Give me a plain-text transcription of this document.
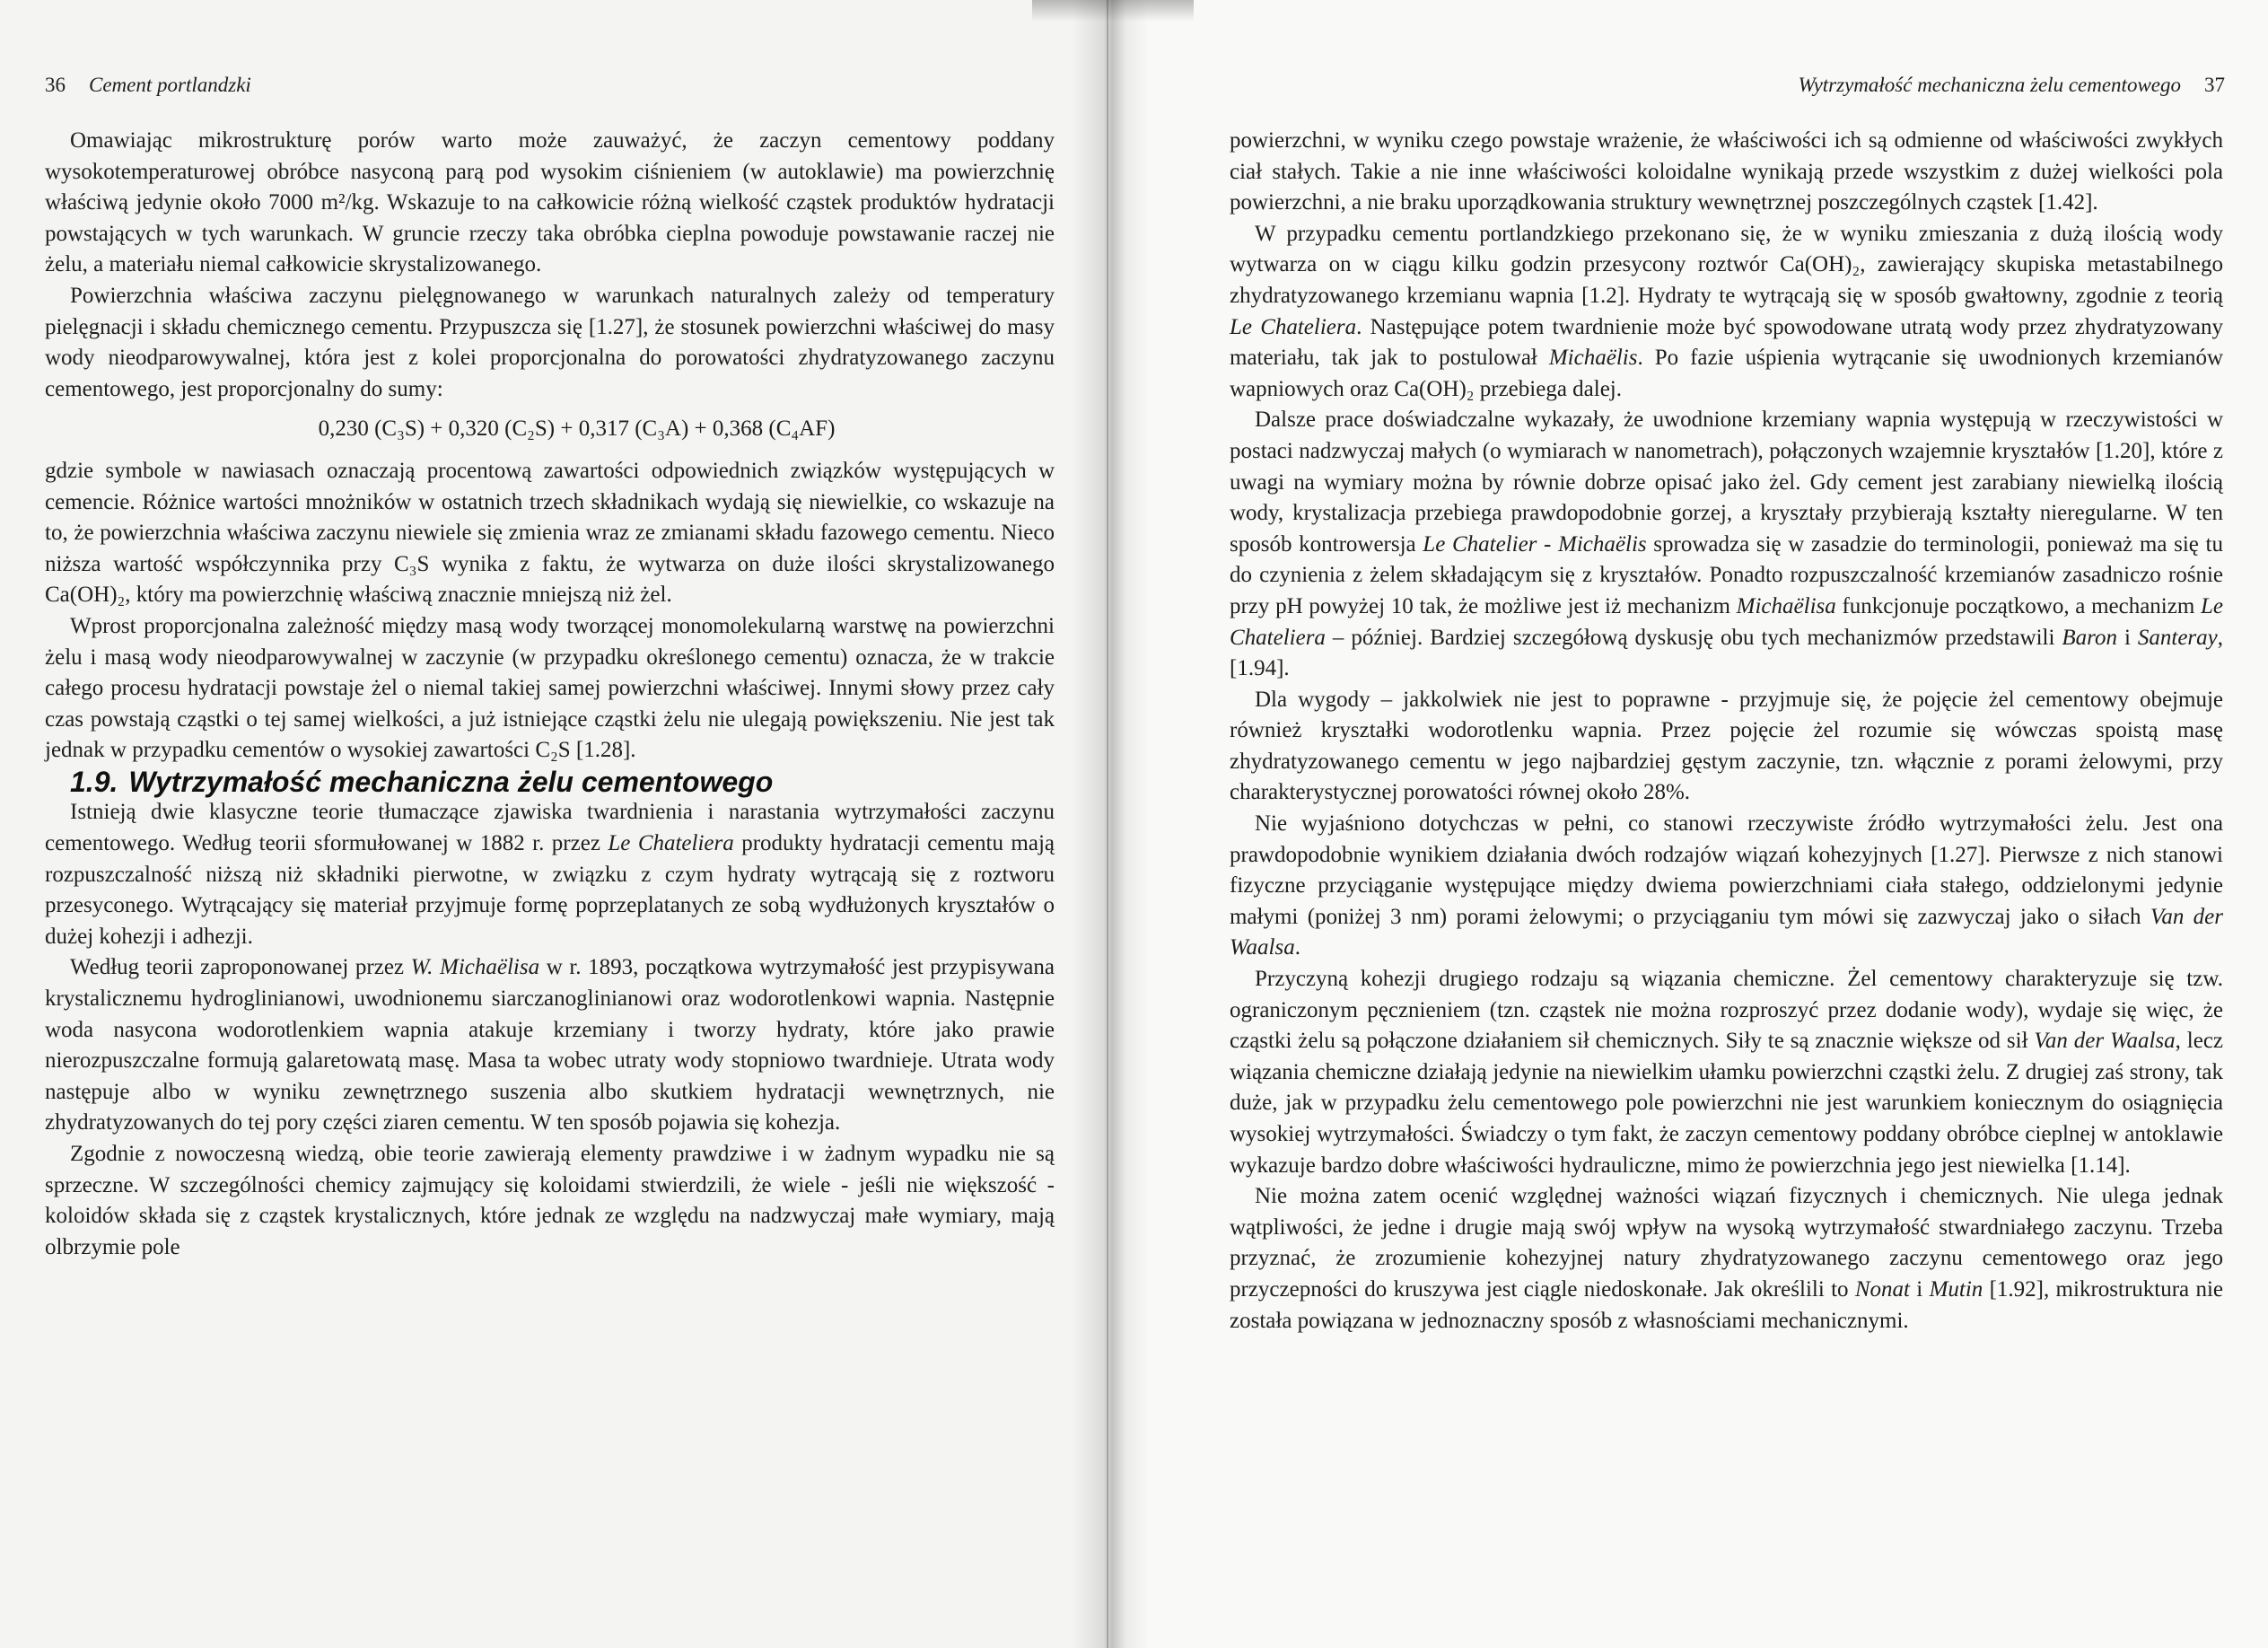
36 Cement portlandzki

Omawiając mikrostrukturę porów warto może zauważyć, że zaczyn cementowy poddany wysokotemperaturowej obróbce nasyconą parą pod wysokim ciśnieniem (w autoklawie) ma powierzchnię właściwą jedynie około 7000 m²/kg. Wskazuje to na całkowicie różną wielkość cząstek produktów hydratacji powstających w tych warunkach. W gruncie rzeczy taka obróbka cieplna powoduje powstawanie raczej nie żelu, a materiału niemal całkowicie skrystalizowanego.

Powierzchnia właściwa zaczynu pielęgnowanego w warunkach naturalnych zależy od temperatury pielęgnacji i składu chemicznego cementu. Przypuszcza się [1.27], że stosunek powierzchni właściwej do masy wody nieodparowywalnej, która jest z kolei proporcjonalna do porowatości zhydratyzowanego zaczynu cementowego, jest proporcjonalny do sumy:

0,230 (C₃S) + 0,320 (C₂S) + 0,317 (C₃A) + 0,368 (C₄AF)

gdzie symbole w nawiasach oznaczają procentową zawartości odpowiednich związków występujących w cemencie. Różnice wartości mnożników w ostatnich trzech składnikach wydają się niewielkie, co wskazuje na to, że powierzchnia właściwa zaczynu niewiele się zmienia wraz ze zmianami składu fazowego cementu. Nieco niższa wartość współczynnika przy C₃S wynika z faktu, że wytwarza on duże ilości skrystalizowanego Ca(OH)₂, który ma powierzchnię właściwą znacznie mniejszą niż żel.

Wprost proporcjonalna zależność między masą wody tworzącej monomolekularną warstwę na powierzchni żelu i masą wody nieodparowywalnej w zaczynie (w przypadku określonego cementu) oznacza, że w trakcie całego procesu hydratacji powstaje żel o niemal takiej samej powierzchni właściwej. Innymi słowy przez cały czas powstają cząstki o tej samej wielkości, a już istniejące cząstki żelu nie ulegają powiększeniu. Nie jest tak jednak w przypadku cementów o wysokiej zawartości C₂S [1.28].

1.9. Wytrzymałość mechaniczna żelu cementowego

Istnieją dwie klasyczne teorie tłumaczące zjawiska twardnienia i narastania wytrzymałości zaczynu cementowego. Według teorii sformułowanej w 1882 r. przez Le Chateliera produkty hydratacji cementu mają rozpuszczalność niższą niż składniki pierwotne, w związku z czym hydraty wytrącają się z roztworu przesyconego. Wytrącający się materiał przyjmuje formę poprzeplatanych ze sobą wydłużonych kryształów o dużej kohezji i adhezji.

Według teorii zaproponowanej przez W. Michaëlisa w r. 1893, początkowa wytrzymałość jest przypisywana krystalicznemu hydroglinianowi, uwodnionemu siarczanoglinianowi oraz wodorotlenkowi wapnia. Następnie woda nasycona wodorotlenkiem wapnia atakuje krzemiany i tworzy hydraty, które jako prawie nierozpuszczalne formują galaretowatą masę. Masa ta wobec utraty wody stopniowo twardnieje. Utrata wody następuje albo w wyniku zewnętrznego suszenia albo skutkiem hydratacji wewnętrznych, nie zhydratyzowanych do tej pory części ziaren cementu. W ten sposób pojawia się kohezja.

Zgodnie z nowoczesną wiedzą, obie teorie zawierają elementy prawdziwe i w żadnym wypadku nie są sprzeczne. W szczególności chemicy zajmujący się koloidami stwierdzili, że wiele - jeśli nie większość - koloidów składa się z cząstek krystalicznych, które jednak ze względu na nadzwyczaj małe wymiary, mają olbrzymie pole

Wytrzymałość mechaniczna żelu cementowego 37

powierzchni, w wyniku czego powstaje wrażenie, że właściwości ich są odmienne od właściwości zwykłych ciał stałych. Takie a nie inne właściwości koloidalne wynikają przede wszystkim z dużej wielkości pola powierzchni, a nie braku uporządkowania struktury wewnętrznej poszczególnych cząstek [1.42].

W przypadku cementu portlandzkiego przekonano się, że w wyniku zmieszania z dużą ilością wody wytwarza on w ciągu kilku godzin przesycony roztwór Ca(OH)₂, zawierający skupiska metastabilnego zhydratyzowanego krzemianu wapnia [1.2]. Hydraty te wytrącają się w sposób gwałtowny, zgodnie z teorią Le Chateliera. Następujące potem twardnienie może być spowodowane utratą wody przez zhydratyzowany materiału, tak jak to postulował Michaëlis. Po fazie uśpienia wytrącanie się uwodnionych krzemianów wapniowych oraz Ca(OH)₂ przebiega dalej.

Dalsze prace doświadczalne wykazały, że uwodnione krzemiany wapnia występują w rzeczywistości w postaci nadzwyczaj małych (o wymiarach w nanometrach), połączonych wzajemnie kryształów [1.20], które z uwagi na wymiary można by równie dobrze opisać jako żel. Gdy cement jest zarabiany niewielką ilością wody, krystalizacja przebiega prawdopodobnie gorzej, a kryształy przybierają kształty nieregularne. W ten sposób kontrowersja Le Chatelier - Michaëlis sprowadza się w zasadzie do terminologii, ponieważ ma się tu do czynienia z żelem składającym się z kryształów. Ponadto rozpuszczalność krzemianów zasadniczo rośnie przy pH powyżej 10 tak, że możliwe jest iż mechanizm Michaëlisa funkcjonuje początkowo, a mechanizm Le Chateliera – później. Bardziej szczegółową dyskusję obu tych mechanizmów przedstawili Baron i Santeray, [1.94].

Dla wygody – jakkolwiek nie jest to poprawne - przyjmuje się, że pojęcie żel cementowy obejmuje również kryształki wodorotlenku wapnia. Przez pojęcie żel rozumie się wówczas spoistą masę zhydratyzowanego cementu w jego najbardziej gęstym zaczynie, tzn. włącznie z porami żelowymi, przy charakterystycznej porowatości równej około 28%.

Nie wyjaśniono dotychczas w pełni, co stanowi rzeczywiste źródło wytrzymałości żelu. Jest ona prawdopodobnie wynikiem działania dwóch rodzajów wiązań kohezyjnych [1.27]. Pierwsze z nich stanowi fizyczne przyciąganie występujące między dwiema powierzchniami ciała stałego, oddzielonymi jedynie małymi (poniżej 3 nm) porami żelowymi; o przyciąganiu tym mówi się zazwyczaj jako o siłach Van der Waalsa.

Przyczyną kohezji drugiego rodzaju są wiązania chemiczne. Żel cementowy charakteryzuje się tzw. ograniczonym pęcznieniem (tzn. cząstek nie można rozproszyć przez dodanie wody), wydaje się więc, że cząstki żelu są połączone działaniem sił chemicznych. Siły te są znacznie większe od sił Van der Waalsa, lecz wiązania chemiczne działają jedynie na niewielkim ułamku powierzchni cząstki żelu. Z drugiej zaś strony, tak duże, jak w przypadku żelu cementowego pole powierzchni nie jest warunkiem koniecznym do osiągnięcia wysokiej wytrzymałości. Świadczy o tym fakt, że zaczyn cementowy poddany obróbce cieplnej w antoklawie wykazuje bardzo dobre właściwości hydrauliczne, mimo że powierzchnia jego jest niewielka [1.14].

Nie można zatem ocenić względnej ważności wiązań fizycznych i chemicznych. Nie ulega jednak wątpliwości, że jedne i drugie mają swój wpływ na wysoką wytrzymałość stwardniałego zaczynu. Trzeba przyznać, że zrozumienie kohezyjnej natury zhydratyzowanego zaczynu cementowego oraz jego przyczepności do kruszywa jest ciągle niedoskonałe. Jak określili to Nonat i Mutin [1.92], mikrostruktura nie została powiązana w jednoznaczny sposób z własnościami mechanicznymi.
